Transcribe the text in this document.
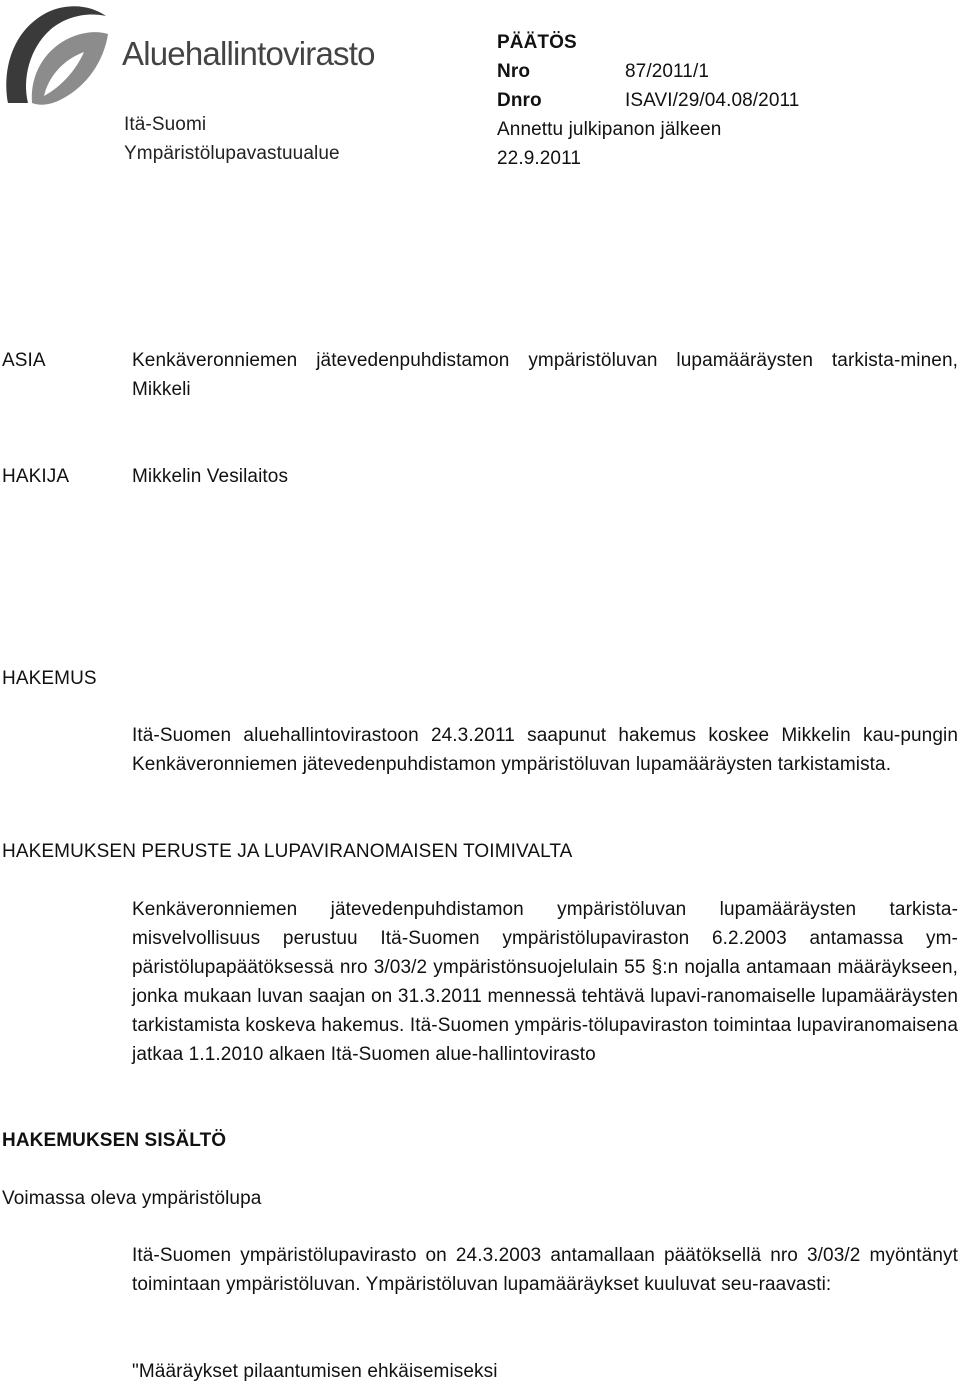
Aluehallintovirasto
Itä-Suomi
Ympäristölupavastuualue
PÄÄTÖS
Nro	87/2011/1
Dnro	ISAVI/29/04.08/2011
Annettu julkipanon jälkeen
22.9.2011
ASIA	Kenkäveronniemen jätevedenpuhdistamon ympäristöluvan lupamääräysten tarkista-minen, Mikkeli
HAKIJA	Mikkelin Vesilaitos
HAKEMUS
Itä-Suomen aluehallintovirastoon 24.3.2011 saapunut hakemus koskee Mikkelin kau-pungin Kenkäveronniemen jätevedenpuhdistamon ympäristöluvan lupamääräysten tarkistamista.
HAKEMUKSEN PERUSTE JA LUPAVIRANOMAISEN TOIMIVALTA
Kenkäveronniemen jätevedenpuhdistamon ympäristöluvan lupamääräysten tarkista-misvelvollisuus perustuu Itä-Suomen ympäristölupaviraston 6.2.2003 antamassa ym-päristölupapäätöksessä nro 3/03/2 ympäristönsuojelulain 55 §:n nojalla antamaan määräykseen, jonka mukaan luvan saajan on 31.3.2011 mennessä tehtävä lupavi-ranomaiselle lupamääräysten tarkistamista koskeva hakemus. Itä-Suomen ympäris-tölupaviraston toimintaa lupaviranomaisena jatkaa 1.1.2010 alkaen Itä-Suomen alue-hallintovirasto
HAKEMUKSEN SISÄLTÖ
Voimassa oleva ympäristölupa
Itä-Suomen ympäristölupavirasto on 24.3.2003 antamallaan päätöksellä nro 3/03/2 myöntänyt toimintaan ympäristöluvan. Ympäristöluvan lupamääräykset kuuluvat seu-raavasti:
"Määräykset pilaantumisen ehkäisemiseksi
